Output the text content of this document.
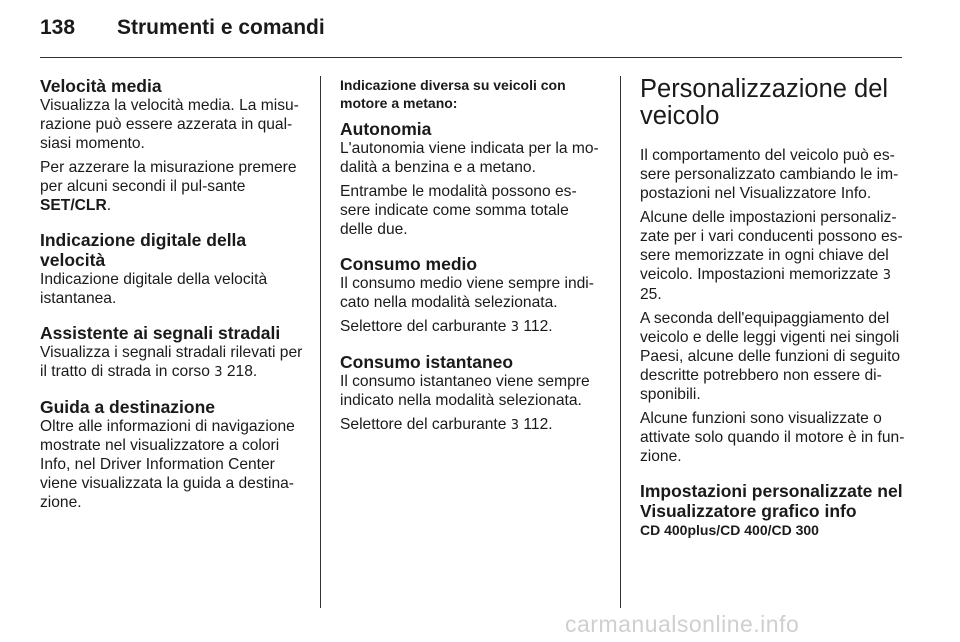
138 Strumenti e comandi
Velocità media

Visualizza la velocità media. La misu-razione può essere azzerata in qual-siasi momento.

Per azzerare la misurazione premere per alcuni secondi il pul-sante SET/CLR.

Indicazione digitale della velocità

Indicazione digitale della velocità istantanea.

Assistente ai segnali stradali

Visualizza i segnali stradali rilevati per il tratto di strada in corso 3 218.

Guida a destinazione

Oltre alle informazioni di navigazione mostrate nel visualizzatore a colori Info, nel Driver Information Center viene visualizzata la guida a destina-zione.

Indicazione diversa su veicoli con motore a metano:

Autonomia

L'autonomia viene indicata per la mo-dalità a benzina e a metano.

Entrambe le modalità possono es-sere indicate come somma totale delle due.

Consumo medio

Il consumo medio viene sempre indi-cato nella modalità selezionata.

Selettore del carburante 3 112.

Consumo istantaneo

Il consumo istantaneo viene sempre indicato nella modalità selezionata.

Selettore del carburante 3 112.

Personalizzazione del veicolo

Il comportamento del veicolo può es-sere personalizzato cambiando le im-postazioni nel Visualizzatore Info.

Alcune delle impostazioni personaliz-zate per i vari conducenti possono es-sere memorizzate in ogni chiave del veicolo. Impostazioni memorizzate 3 25.

A seconda dell'equipaggiamento del veicolo e delle leggi vigenti nei singoli Paesi, alcune delle funzioni di seguito descritte potrebbero non essere di-sponibili.

Alcune funzioni sono visualizzate o attivate solo quando il motore è in fun-zione.

Impostazioni personalizzate nel Visualizzatore grafico info

CD 400plus/CD 400/CD 300

carmanualsonline.info
